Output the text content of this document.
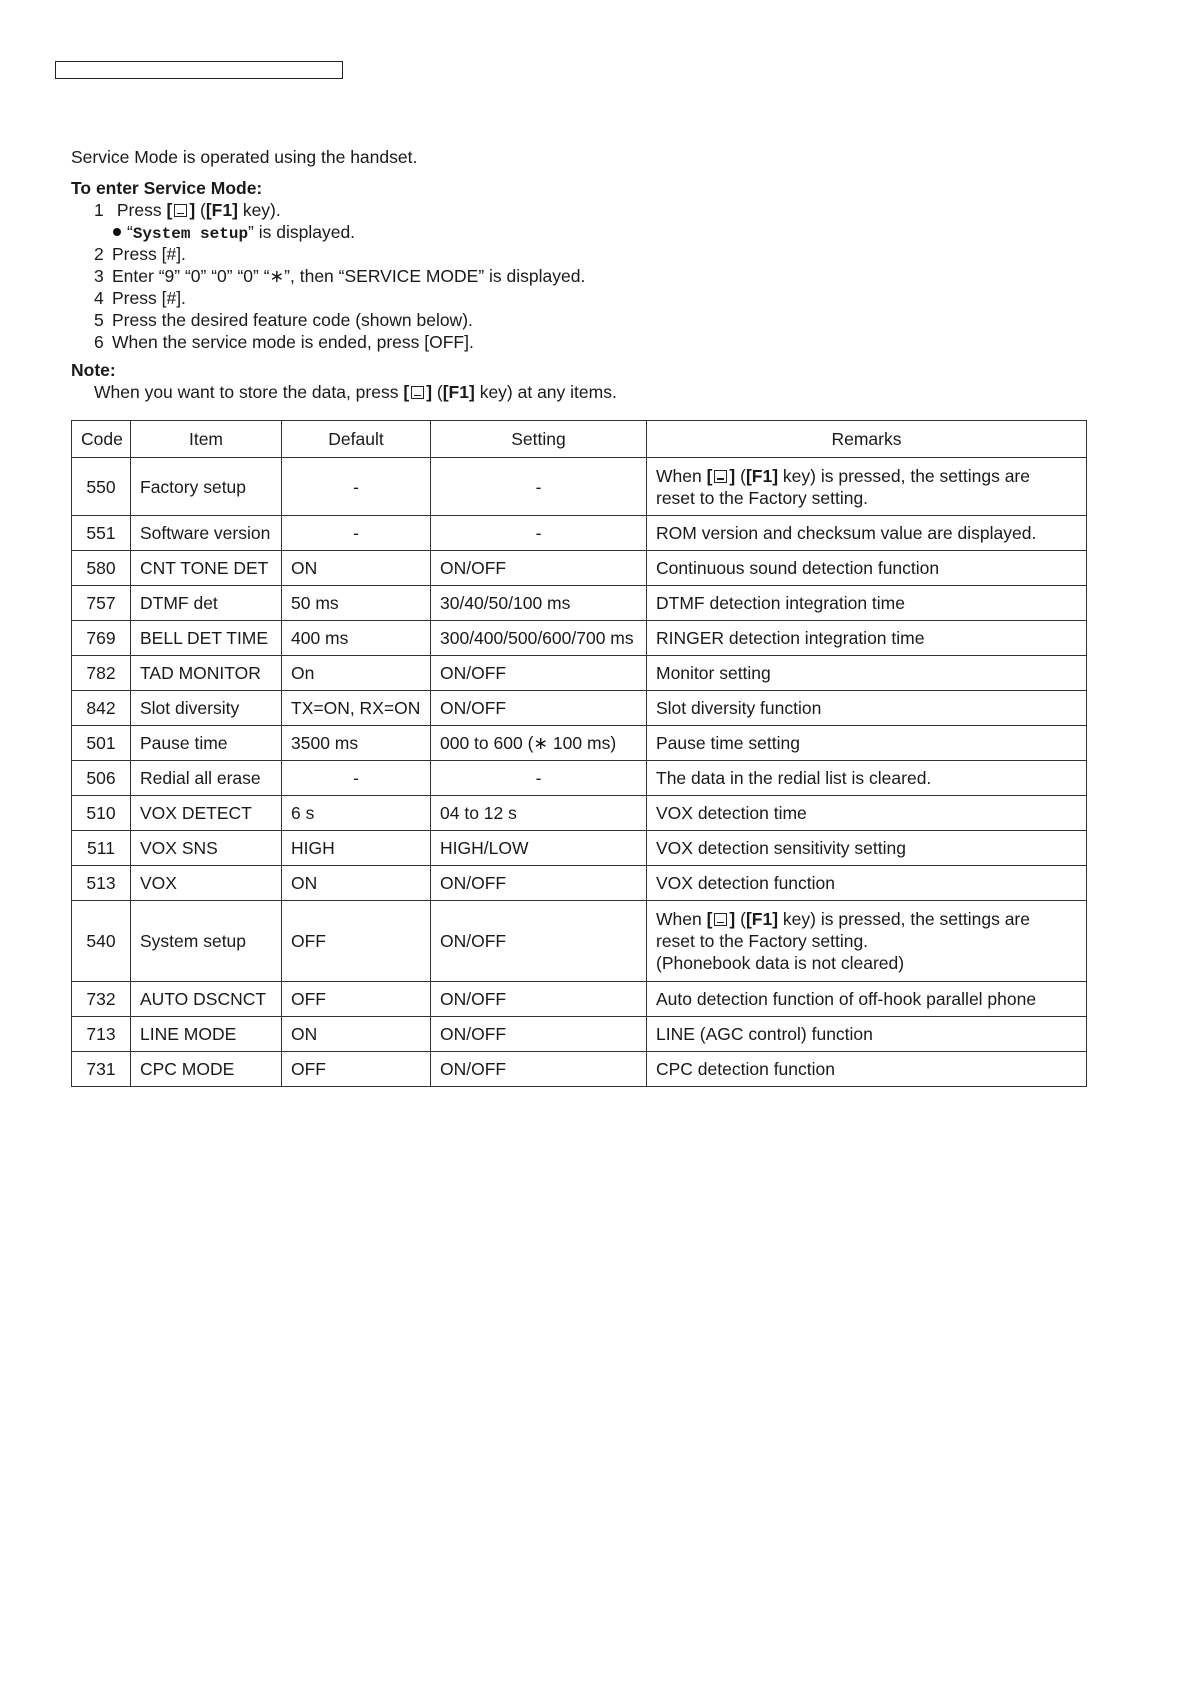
Service Mode is operated using the handset.
To enter Service Mode:
1 Press [ ] ([F1] key).
“System setup” is displayed.
2 Press [#].
3 Enter “9” “0” “0” “0” “∗”, then “SERVICE MODE” is displayed.
4 Press [#].
5 Press the desired feature code (shown below).
6 When the service mode is ended, press [OFF].
Note:
When you want to store the data, press [ ] ([F1] key) at any items.
Code	Item	Default	Setting	Remarks
550	Factory setup	-	-	When [ ] ([F1] key) is pressed, the settings are
reset to the Factory setting.

551	Software version	-	-	ROM version and checksum value are displayed.
580	CNT TONE DET	ON	ON/OFF	Continuous sound detection function
757	DTMF det	50 ms	30/40/50/100 ms	DTMF detection integration time
769	BELL DET TIME	400 ms	300/400/500/600/700 ms	RINGER detection integration time
782	TAD MONITOR	On	ON/OFF	Monitor setting
842	Slot diversity	TX=ON, RX=ON	ON/OFF	Slot diversity function
501	Pause time	3500 ms	000 to 600 (∗ 100 ms)	Pause time setting
506	Redial all erase	-	-	The data in the redial list is cleared.
510	VOX DETECT	6 s	04 to 12 s	VOX detection time
511	VOX SNS	HIGH	HIGH/LOW	VOX detection sensitivity setting
513	VOX	ON	ON/OFF	VOX detection function
540	System setup	OFF	ON/OFF	When [ ] ([F1] key) is pressed, the settings are
reset to the Factory setting.
(Phonebook data is not cleared)

732	AUTO DSCNCT	OFF	ON/OFF	Auto detection function of off-hook parallel phone
713	LINE MODE	ON	ON/OFF	LINE (AGC control) function
731	CPC MODE	OFF	ON/OFF	CPC detection function
